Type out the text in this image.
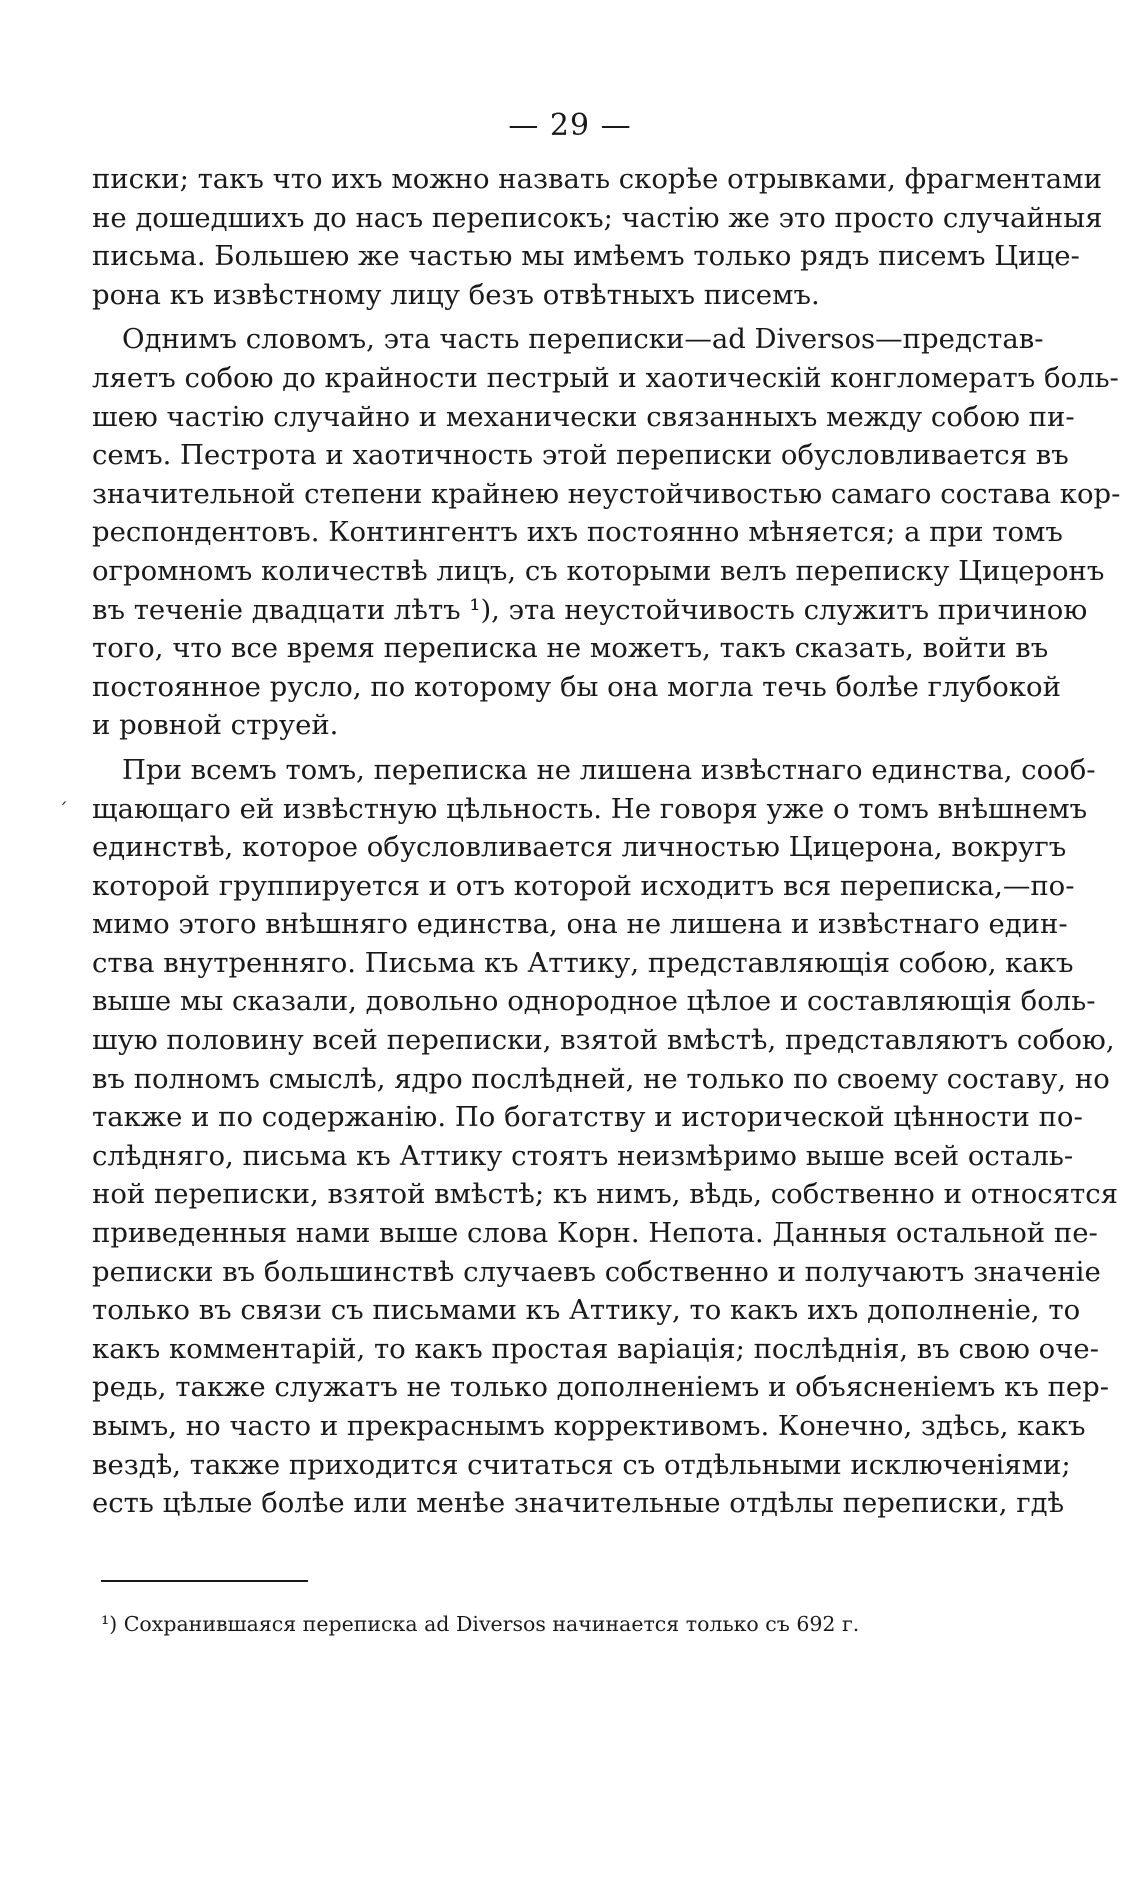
— 29 —
ˊ
писки; такъ что ихъ можно назвать скорѣе отрывками, фрагментами
не дошедшихъ до насъ переписокъ; частію же это просто случайныя
письма. Большею же частью мы имѣемъ только рядъ писемъ Цице-
рона къ извѣстному лицу безъ отвѣтныхъ писемъ.
Однимъ словомъ, эта часть переписки—ad Diversos—представ-
ляетъ собою до крайности пестрый и хаотическій конгломератъ боль-
шею частію случайно и механически связанныхъ между собою пи-
семъ. Пестрота и хаотичность этой переписки обусловливается въ
значительной степени крайнею неустойчивостью самаго состава кор-
респондентовъ. Контингентъ ихъ постоянно мѣняется; а при томъ
огромномъ количествѣ лицъ, съ которыми велъ переписку Цицеронъ
въ теченіе двадцати лѣтъ ¹), эта неустойчивость служитъ причиною
того, что все время переписка не можетъ, такъ сказать, войти въ
постоянное русло, по которому бы она могла течь болѣе глубокой
и ровной струей.
При всемъ томъ, переписка не лишена извѣстнаго единства, сооб-
щающаго ей извѣстную цѣльность. Не говоря уже о томъ внѣшнемъ
единствѣ, которое обусловливается личностью Цицерона, вокругъ
которой группируется и отъ которой исходитъ вся переписка,—по-
мимо этого внѣшняго единства, она не лишена и извѣстнаго един-
ства внутренняго. Письма къ Аттику, представляющія собою, какъ
выше мы сказали, довольно однородное цѣлое и составляющія боль-
шую половину всей переписки, взятой вмѣстѣ, представляютъ собою,
въ полномъ смыслѣ, ядро послѣдней, не только по своему составу, но
также и по содержанію. По богатству и исторической цѣнности по-
слѣдняго, письма къ Аттику стоятъ неизмѣримо выше всей осталь-
ной переписки, взятой вмѣстѣ; къ нимъ, вѣдь, собственно и относятся
приведенныя нами выше слова Корн. Непота. Данныя остальной пе-
реписки въ большинствѣ случаевъ собственно и получаютъ значеніе
только въ связи съ письмами къ Аттику, то какъ ихъ дополненіе, то
какъ комментарій, то какъ простая варіація; послѣднія, въ свою оче-
редь, также служатъ не только дополненіемъ и объясненіемъ къ пер-
вымъ, но часто и прекраснымъ коррективомъ. Конечно, здѣсь, какъ
вездѣ, также приходится считаться съ отдѣльными исключеніями;
есть цѣлые болѣе или менѣе значительные отдѣлы переписки, гдѣ
¹) Сохранившаяся переписка ad Diversos начинается только съ 692 г.
